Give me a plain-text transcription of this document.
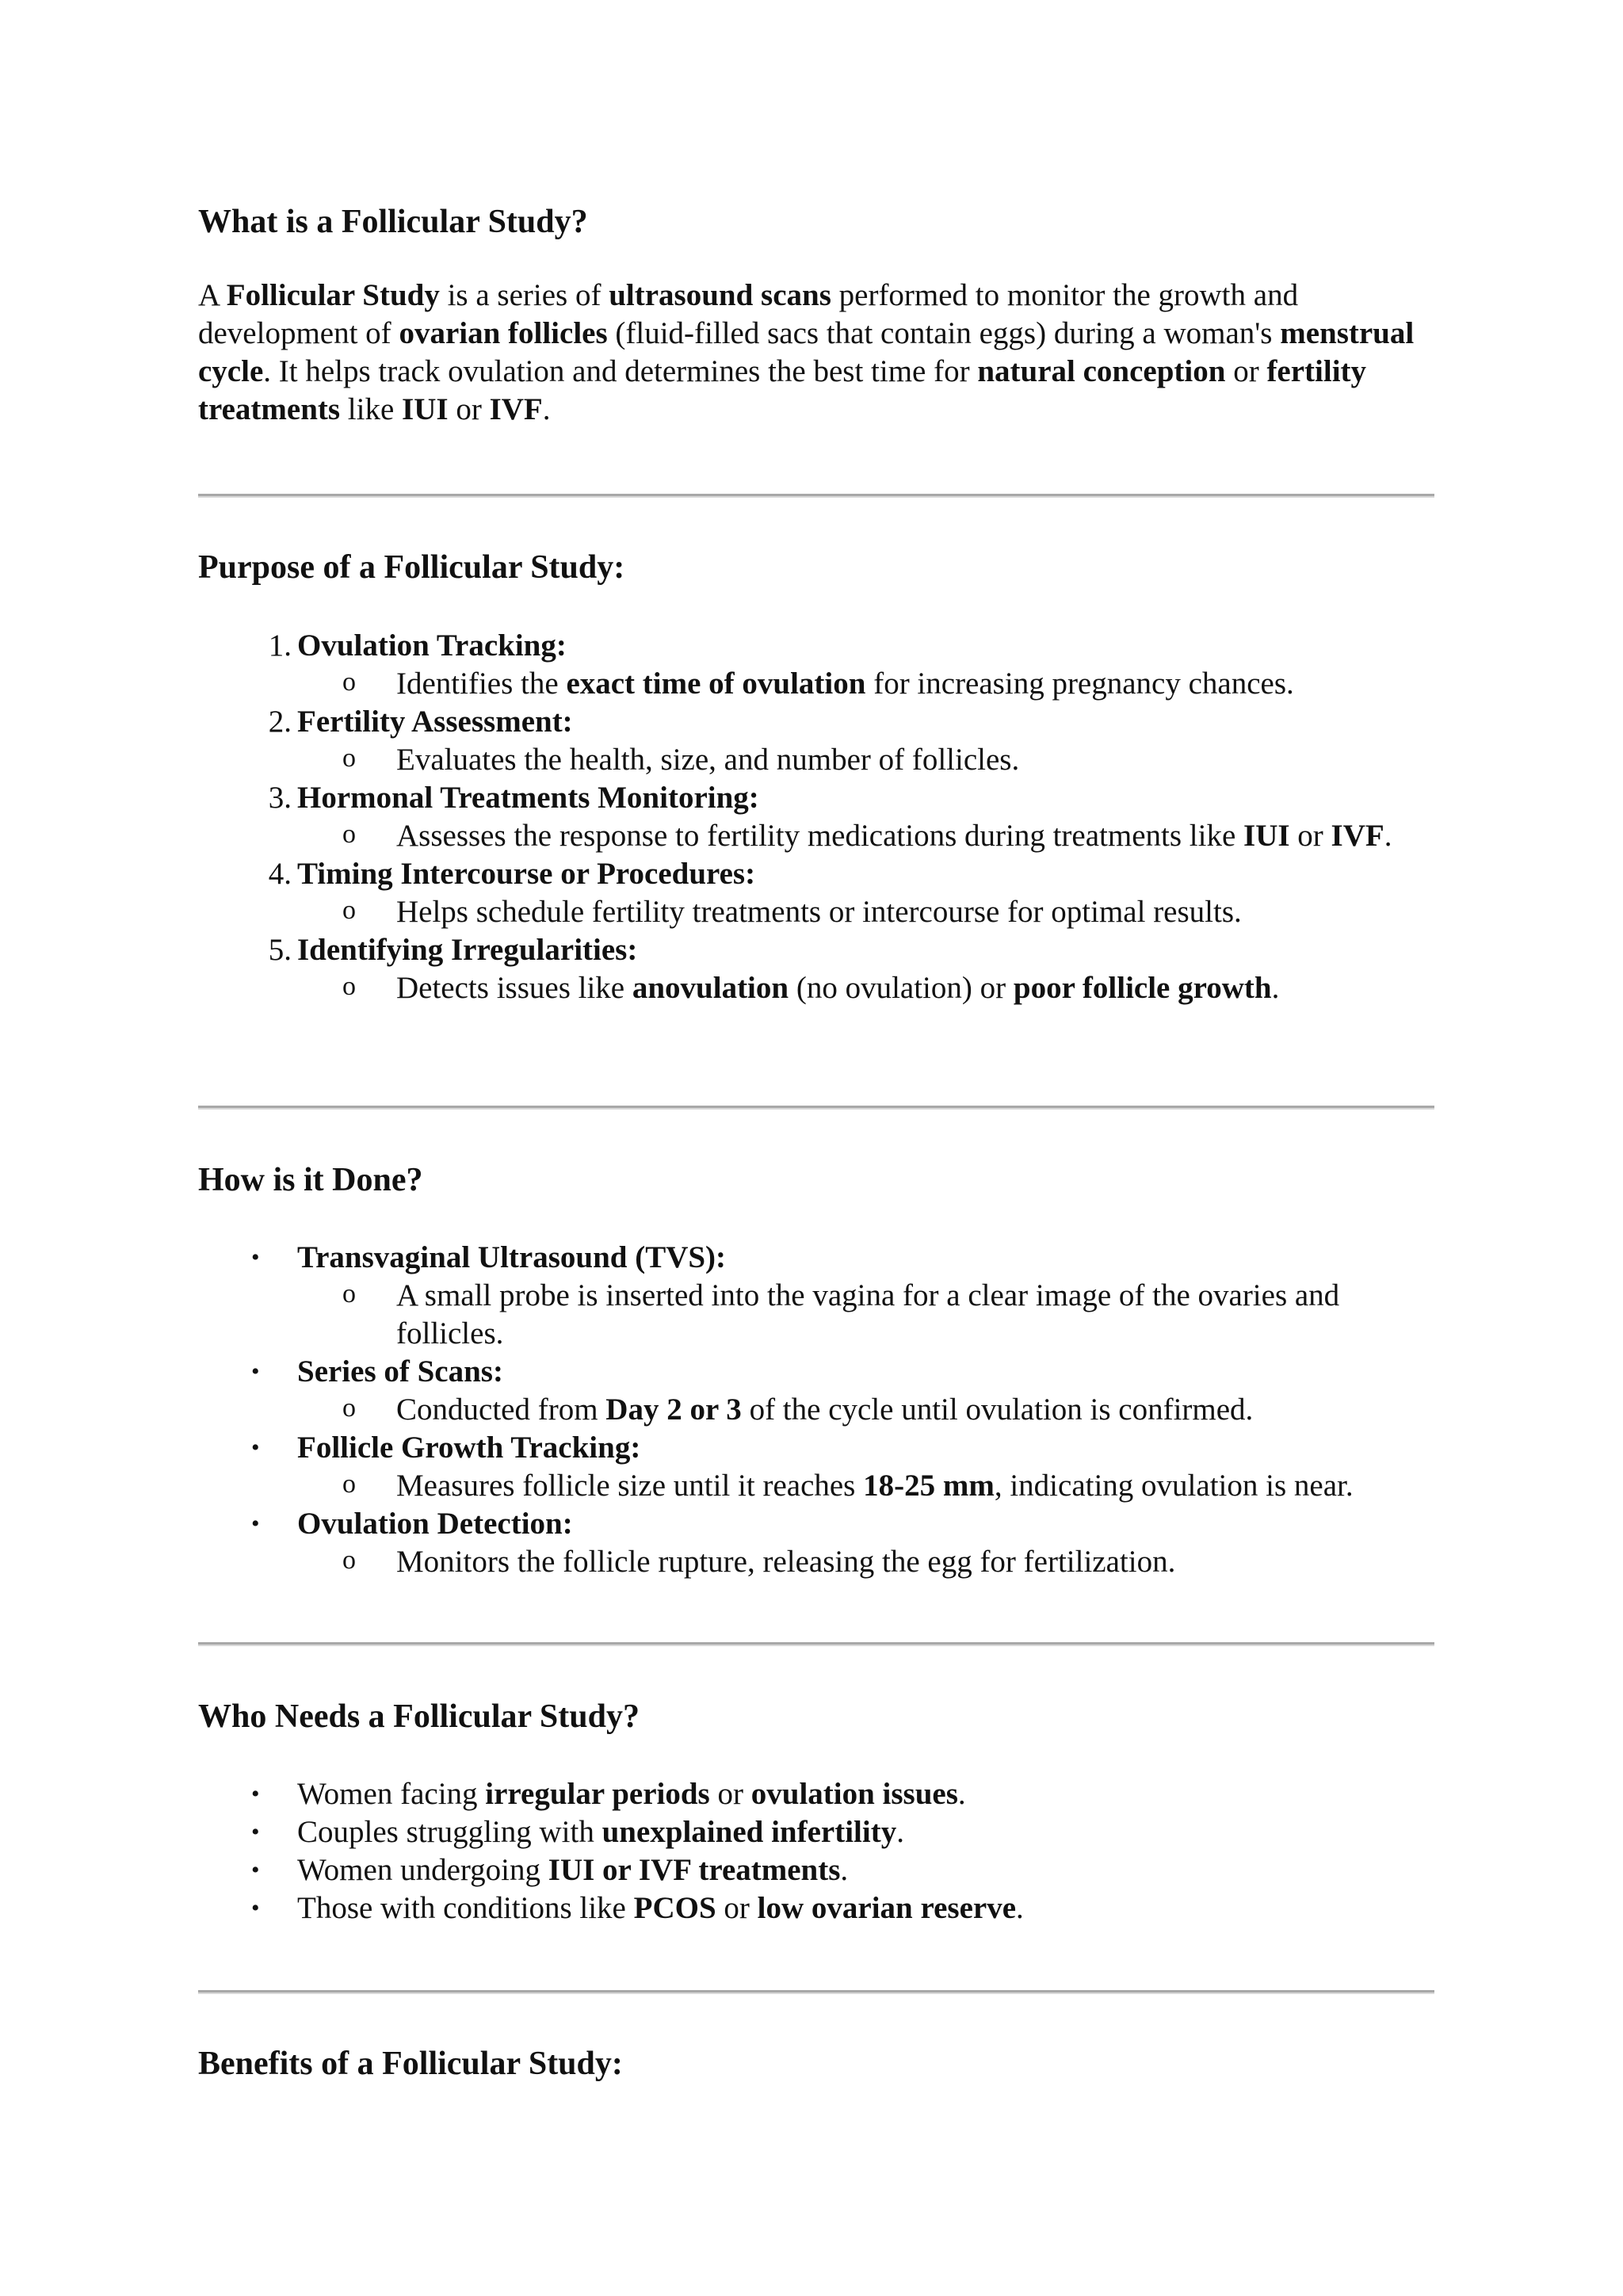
What is a Follicular Study?

A Follicular Study is a series of ultrasound scans performed to monitor the growth and development of ovarian follicles (fluid-filled sacs that contain eggs) during a woman's menstrual cycle. It helps track ovulation and determines the best time for natural conception or fertility treatments like IUI or IVF.

Purpose of a Follicular Study:
1. Ovulation Tracking:
o Identifies the exact time of ovulation for increasing pregnancy chances.
2. Fertility Assessment:
o Evaluates the health, size, and number of follicles.
3. Hormonal Treatments Monitoring:
o Assesses the response to fertility medications during treatments like IUI or IVF.
4. Timing Intercourse or Procedures:
o Helps schedule fertility treatments or intercourse for optimal results.
5. Identifying Irregularities:
o Detects issues like anovulation (no ovulation) or poor follicle growth.
How is it Done?
• Transvaginal Ultrasound (TVS):
o A small probe is inserted into the vagina for a clear image of the ovaries and follicles.
• Series of Scans:
o Conducted from Day 2 or 3 of the cycle until ovulation is confirmed.
• Follicle Growth Tracking:
o Measures follicle size until it reaches 18-25 mm, indicating ovulation is near.
• Ovulation Detection:
o Monitors the follicle rupture, releasing the egg for fertilization.
Who Needs a Follicular Study?
• Women facing irregular periods or ovulation issues.
• Couples struggling with unexplained infertility.
• Women undergoing IUI or IVF treatments.
• Those with conditions like PCOS or low ovarian reserve.
Benefits of a Follicular Study:
